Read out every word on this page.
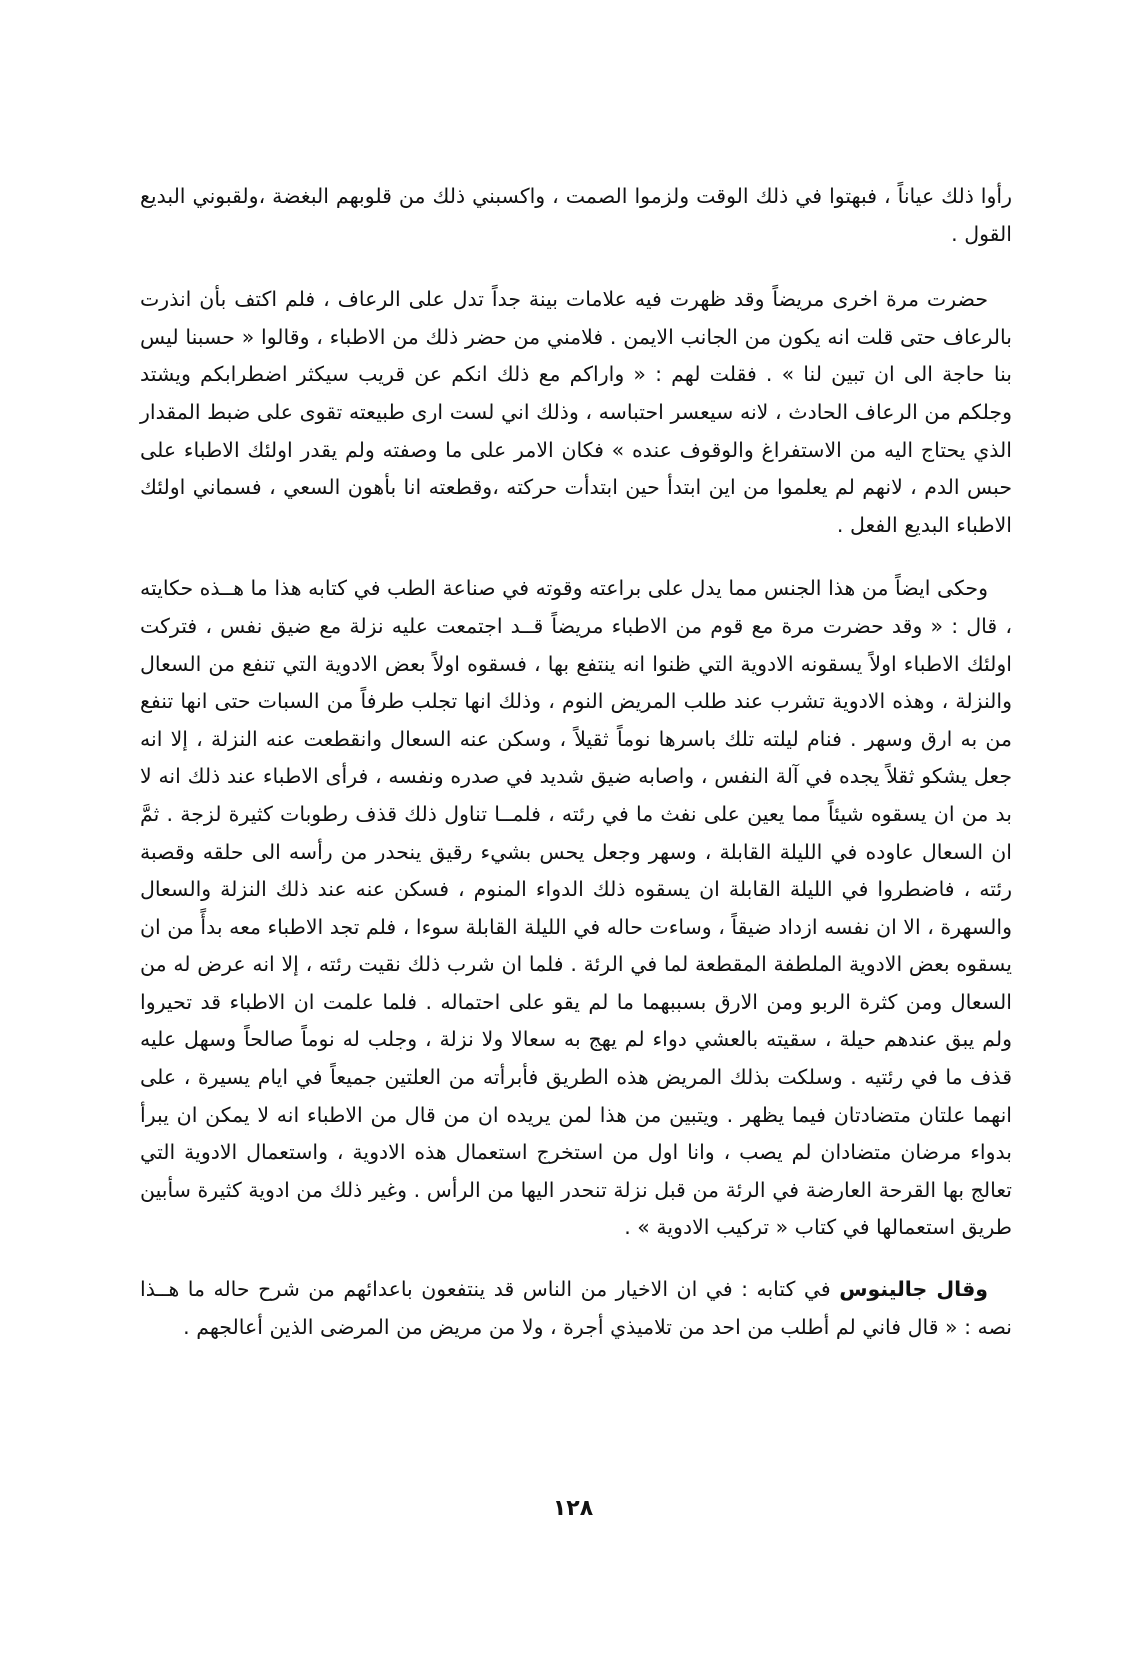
رأوا ذلك عياناً ، فبهتوا في ذلك الوقت ولزموا الصمت ، واكسبني ذلك من قلوبهم البغضة ،ولقبوني البديع القول .

حضرت مرة اخرى مريضاً وقد ظهرت فيه علامات بينة جداً تدل على الرعاف ، فلم اكتف بأن انذرت بالرعاف حتى قلت انه يكون من الجانب الايمن . فلامني من حضر ذلك من الاطباء ، وقالوا « حسبنا ليس بنا حاجة الى ان تبين لنا » . فقلت لهم : « واراكم مع ذلك انكم عن قريب سيكثر اضطرابكم ويشتد وجلكم من الرعاف الحادث ، لانه سيعسر احتباسه ، وذلك اني لست ارى طبيعته تقوى على ضبط المقدار الذي يحتاج اليه من الاستفراغ والوقوف عنده » فكان الامر على ما وصفته ولم يقدر اولئك الاطباء على حبس الدم ، لانهم لم يعلموا من اين ابتدأ حين ابتدأت حركته ،وقطعته انا بأهون السعي ، فسماني اولئك الاطباء البديع الفعل .

وحكى ايضاً من هذا الجنس مما يدل على براعته وقوته في صناعة الطب في كتابه هذا ما هــذه حكايته ، قال : « وقد حضرت مرة مع قوم من الاطباء مريضاً قــد اجتمعت عليه نزلة مع ضيق نفس ، فتركت اولئك الاطباء اولاً يسقونه الادوية التي ظنوا انه ينتفع بها ، فسقوه اولاً بعض الادوية التي تنفع من السعال والنزلة ، وهذه الادوية تشرب عند طلب المريض النوم ، وذلك انها تجلب طرفاً من السبات حتى انها تنفع من به ارق وسهر . فنام ليلته تلك باسرها نوماً ثقيلاً ، وسكن عنه السعال وانقطعت عنه النزلة ، إلا انه جعل يشكو ثقلاً يجده في آلة النفس ، واصابه ضيق شديد في صدره ونفسه ، فرأى الاطباء عند ذلك انه لا بد من ان يسقوه شيئاً مما يعين على نفث ما في رئته ، فلمــا تناول ذلك قذف رطوبات كثيرة لزجة . ثمَّ ان السعال عاوده في الليلة القابلة ، وسهر وجعل يحس بشيء رقيق ينحدر من رأسه الى حلقه وقصبة رئته ، فاضطروا في الليلة القابلة ان يسقوه ذلك الدواء المنوم ، فسكن عنه عند ذلك النزلة والسعال والسهرة ، الا ان نفسه ازداد ضيقاً ، وساءت حاله في الليلة القابلة سوءا ، فلم تجد الاطباء معه بدأً من ان يسقوه بعض الادوية الملطفة المقطعة لما في الرئة . فلما ان شرب ذلك نقيت رئته ، إلا انه عرض له من السعال ومن كثرة الربو ومن الارق بسببهما ما لم يقو على احتماله . فلما علمت ان الاطباء قد تحيروا ولم يبق عندهم حيلة ، سقيته بالعشي دواء لم يهج به سعالا ولا نزلة ، وجلب له نوماً صالحاً وسهل عليه قذف ما في رئتيه . وسلكت بذلك المريض هذه الطريق فأبرأته من العلتين جميعاً في ايام يسيرة ، على انهما علتان متضادتان فيما يظهر . ويتبين من هذا لمن يريده ان من قال من الاطباء انه لا يمكن ان يبرأ بدواء مرضان متضادان لم يصب ، وانا اول من استخرج استعمال هذه الادوية ، واستعمال الادوية التي تعالج بها القرحة العارضة في الرئة من قبل نزلة تنحدر اليها من الرأس . وغير ذلك من ادوية كثيرة سأبين طريق استعمالها في كتاب « تركيب الادوية » .

وقال جالينوس في كتابه : في ان الاخيار من الناس قد ينتفعون باعدائهم من شرح حاله ما هــذا نصه : « قال فاني لم أطلب من احد من تلاميذي أجرة ، ولا من مريض من المرضى الذين أعالجهم .

١٢٨
